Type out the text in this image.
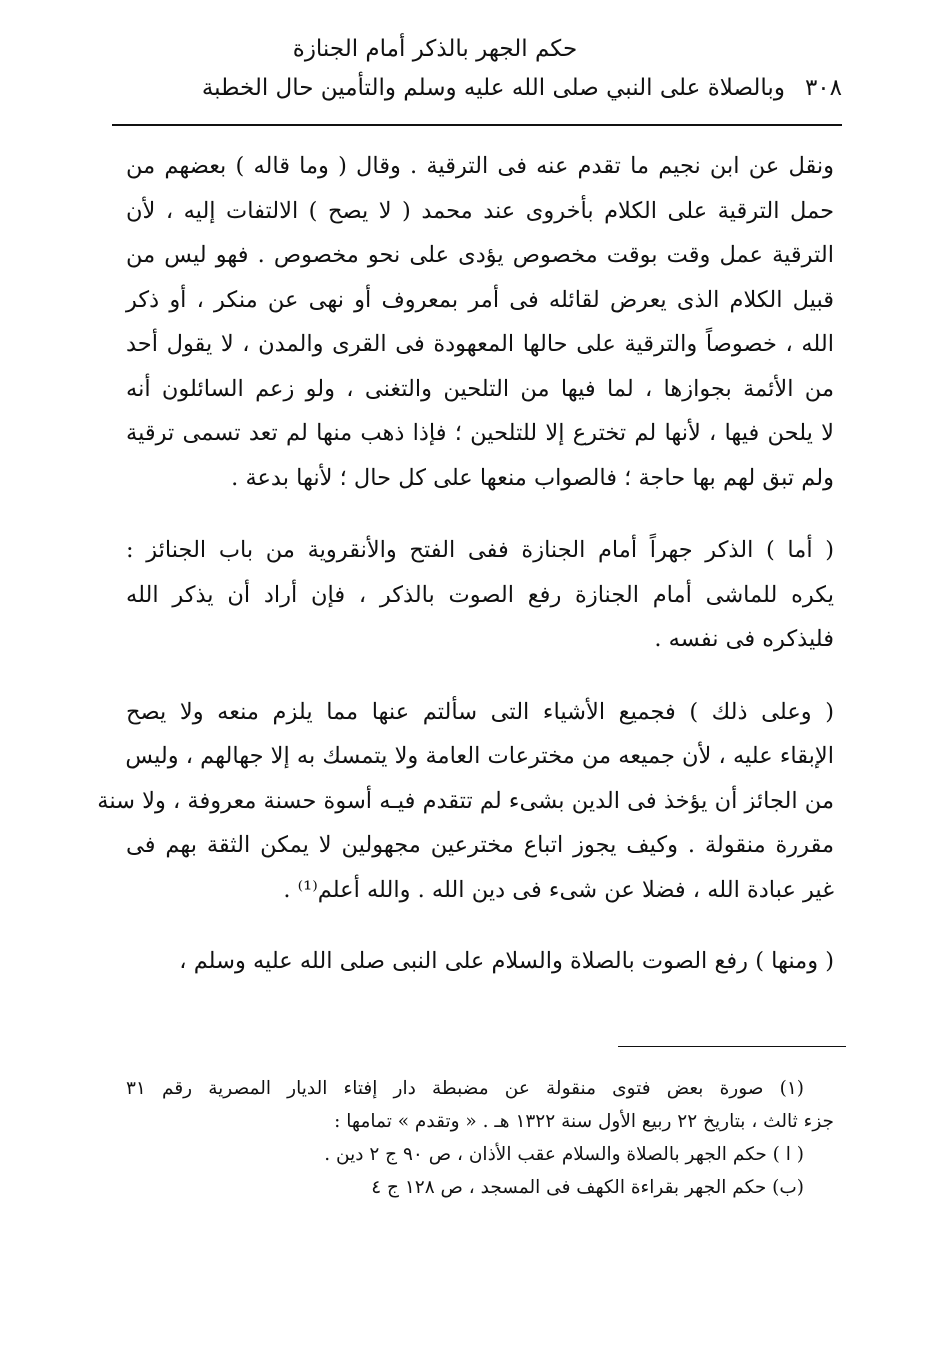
حكم الجهر بالذكر أمام الجنازة
٣٠٨
وبالصلاة على النبي صلى الله عليه وسلم والتأمين حال الخطبة
ونقل عن ابن نجيم ما تقدم عنه فى الترقية . وقال ( وما قاله ) بعضهم من
حمل الترقية على الكلام بأخروى عند محمد ( لا يصح ) الالتفات إليه ، لأن
الترقية عمل وقت بوقت مخصوص يؤدى على نحو مخصوص . فهو ليس من
قبيل الكلام الذى يعرض لقائله فى أمر بمعروف أو نهى عن منكر ، أو ذكر
الله ، خصوصاً والترقية على حالها المعهودة فى القرى والمدن ، لا يقول أحد
من الأئمة بجوازها ، لما فيها من التلحين والتغنى ، ولو زعم السائلون أنه
لا يلحن فيها ، لأنها لم تخترع إلا للتلحين ؛ فإذا ذهب منها لم تعد تسمى ترقية
ولم تبق لهم بها حاجة ؛ فالصواب منعها على كل حال ؛ لأنها بدعة .
( أما ) الذكر جهراً أمام الجنازة ففى الفتح والأنقروية من باب الجنائز :
يكره للماشى أمام الجنازة رفع الصوت بالذكر ، فإن أراد أن يذكر الله
فليذكره فى نفسه .
( وعلى ذلك ) فجميع الأشياء التى سألتم عنها مما يلزم منعه ولا يصح
الإبقاء عليه ، لأن جميعه من مخترعات العامة ولا يتمسك به إلا جهالهم ، وليس
من الجائز أن يؤخذ فى الدين بشىء لم تتقدم فيـه أسوة حسنة معروفة ، ولا سنة
مقررة منقولة . وكيف يجوز اتباع مخترعين مجهولين لا يمكن الثقة بهم فى
غير عبادة الله ، فضلا عن شىء فى دين الله . والله أعلم⁽¹⁾ .
( ومنها ) رفع الصوت بالصلاة والسلام على النبى صلى الله عليه وسلم ،
(١) صورة بعض فتوى منقولة عن مضبطة دار إفتاء الديار المصرية رقم ٣١
جزء ثالث ، بتاريخ ٢٢ ربيع الأول سنة ١٣٢٢ هـ . « وتقدم » تمامها :
( ا ) حكم الجهر بالصلاة والسلام عقب الأذان ، ص ٩٠ ج ٢ دين .
(ب) حكم الجهر بقراءة الكهف فى المسجد ، ص ١٢٨ ج ٤
